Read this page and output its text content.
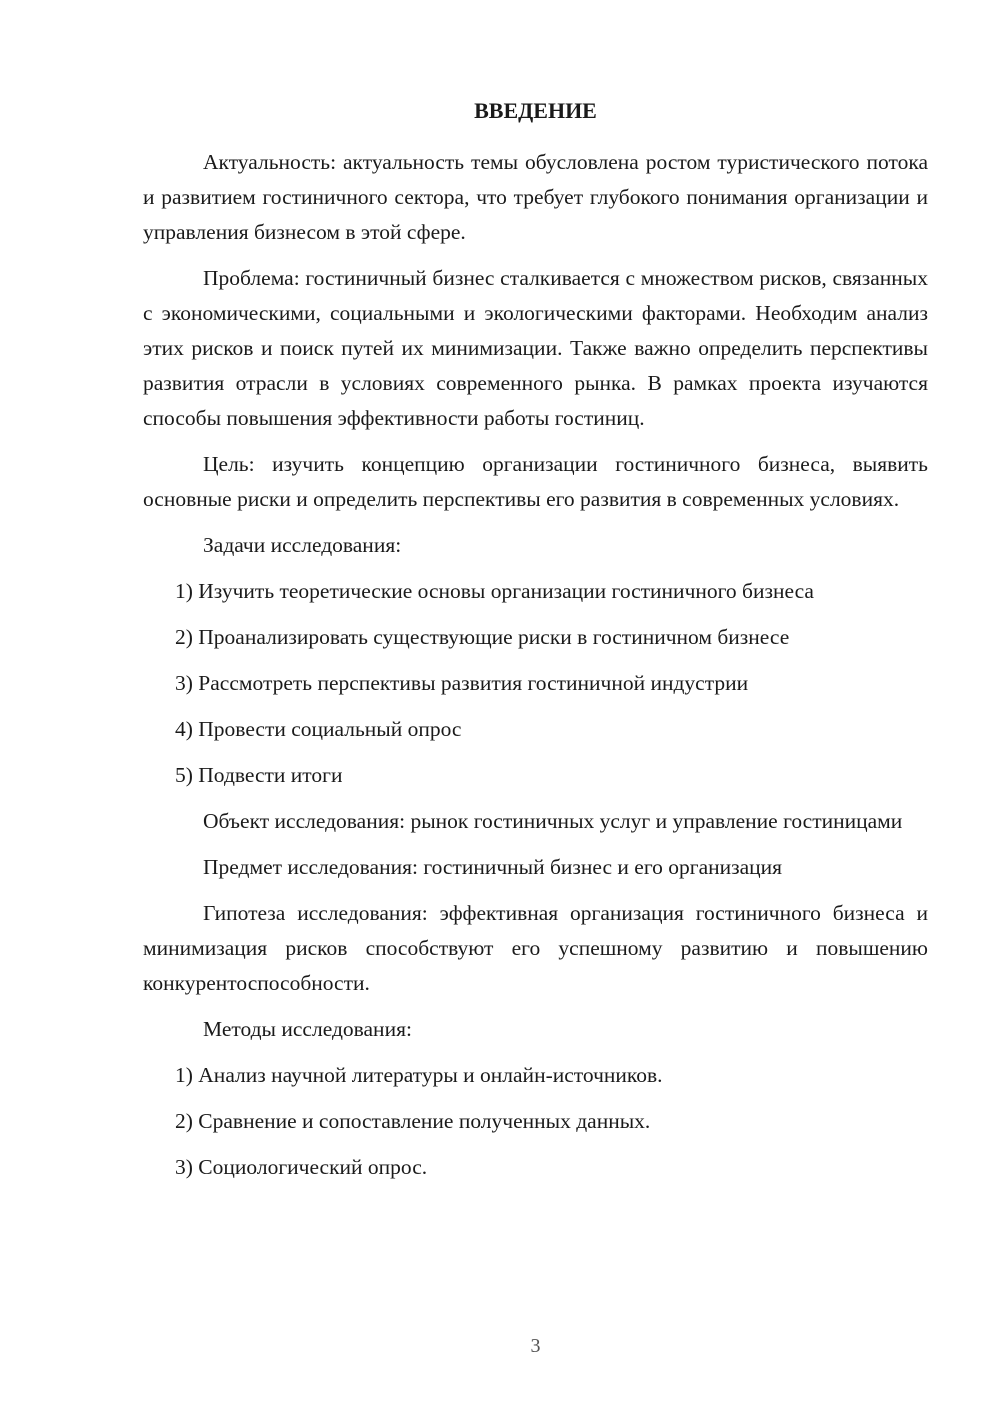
ВВЕДЕНИЕ

Актуальность: актуальность темы обусловлена ростом туристического потока и развитием гостиничного сектора, что требует глубокого понимания организации и управления бизнесом в этой сфере.

Проблема: гостиничный бизнес сталкивается с множеством рисков, связанных с экономическими, социальными и экологическими факторами. Необходим анализ этих рисков и поиск путей их минимизации. Также важно определить перспективы развития отрасли в условиях современного рынка. В рамках проекта изучаются способы повышения эффективности работы гостиниц.

Цель: изучить концепцию организации гостиничного бизнеса, выявить основные риски и определить перспективы его развития в современных условиях.

Задачи исследования:

1) Изучить теоретические основы организации гостиничного бизнеса

2) Проанализировать существующие риски в гостиничном бизнесе

3) Рассмотреть перспективы развития гостиничной индустрии

4) Провести социальный опрос

5) Подвести итоги

Объект исследования: рынок гостиничных услуг и управление гостиницами

Предмет исследования: гостиничный бизнес и его организация

Гипотеза исследования: эффективная организация гостиничного бизнеса и минимизация рисков способствуют его успешному развитию и повышению конкурентоспособности.

Методы исследования:

1) Анализ научной литературы и онлайн-источников.

2) Сравнение и сопоставление полученных данных.

3) Социологический опрос.

3
